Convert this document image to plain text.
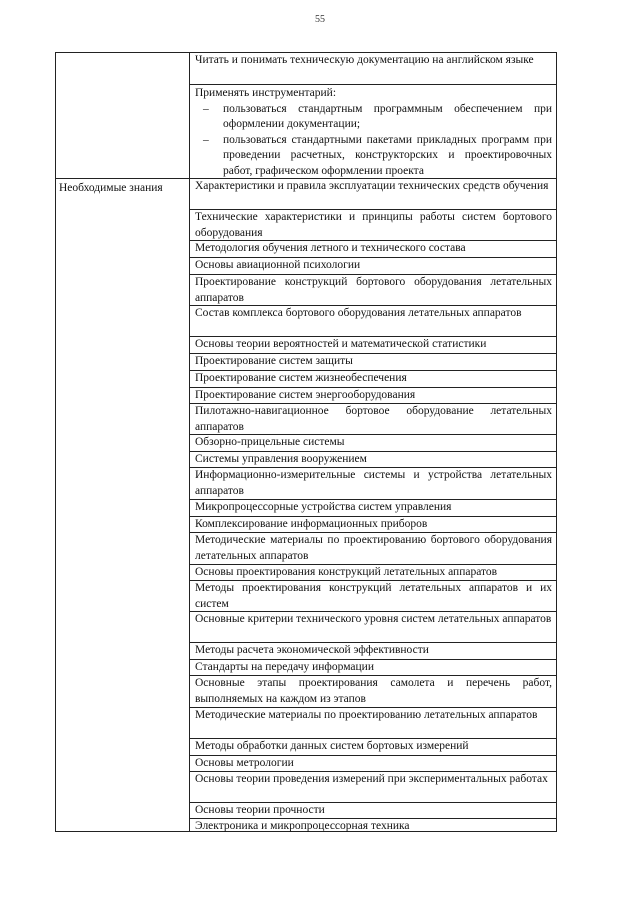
55
Необходимые знания
Читать и понимать техническую документацию на английском языке
Применять инструментарий:
– пользоваться стандартным программным обеспечением при оформлении документации;
– пользоваться стандартными пакетами прикладных программ при проведении расчетных, конструкторских и проектировочных работ, графическом оформлении проекта
Характеристики и правила эксплуатации технических средств обучения
Технические характеристики и принципы работы систем бортового оборудования
Методология обучения летного и технического состава
Основы авиационной психологии
Проектирование конструкций бортового оборудования летательных аппаратов
Состав комплекса бортового оборудования летательных аппаратов
Основы теории вероятностей и математической статистики
Проектирование систем защиты
Проектирование систем жизнеобеспечения
Проектирование систем энергооборудования
Пилотажно-навигационное бортовое оборудование летательных аппаратов
Обзорно-прицельные системы
Системы управления вооружением
Информационно-измерительные системы и устройства летательных аппаратов
Микропроцессорные устройства систем управления
Комплексирование информационных приборов
Методические материалы по проектированию бортового оборудования летательных аппаратов
Основы проектирования конструкций летательных аппаратов
Методы проектирования конструкций летательных аппаратов и их систем
Основные критерии технического уровня систем летательных аппаратов
Методы расчета экономической эффективности
Стандарты на передачу информации
Основные этапы проектирования самолета и перечень работ, выполняемых на каждом из этапов
Методические материалы по проектированию летательных аппаратов
Методы обработки данных систем бортовых измерений
Основы метрологии
Основы теории проведения измерений при экспериментальных работах
Основы теории прочности
Электроника и микропроцессорная техника
